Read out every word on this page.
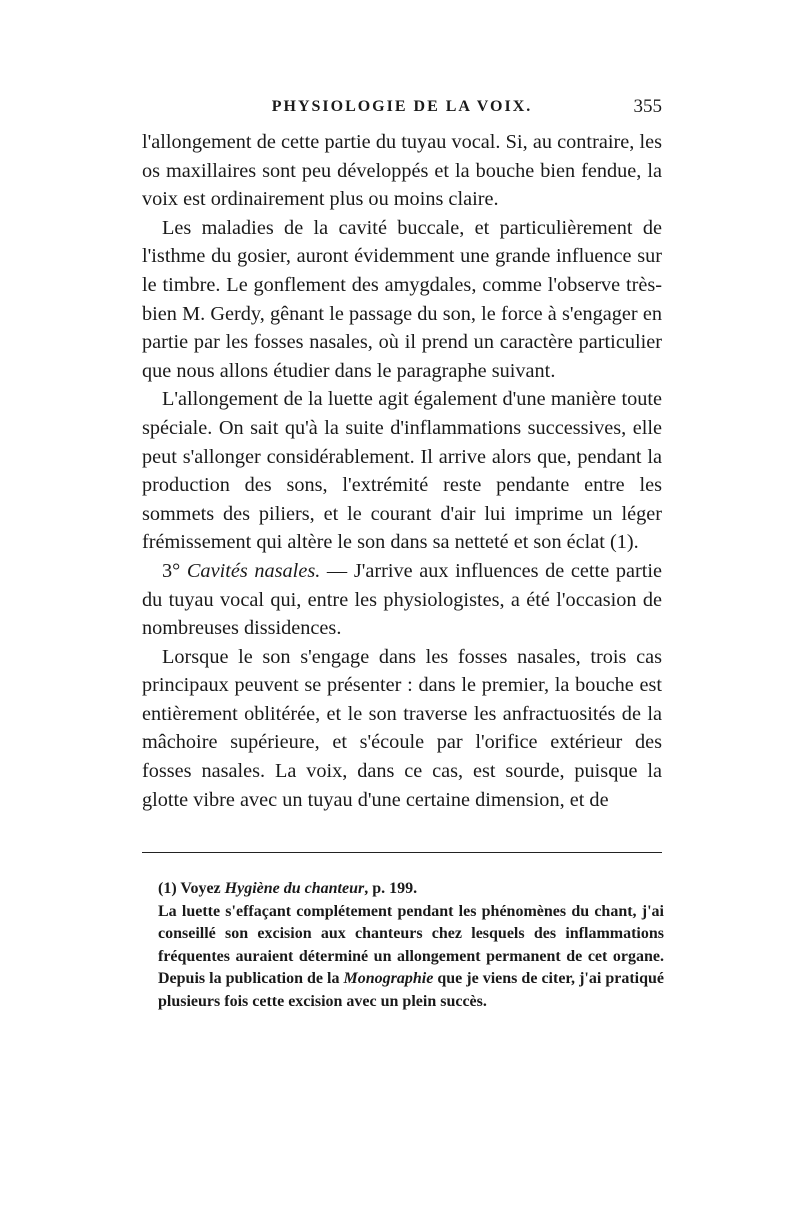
PHYSIOLOGIE DE LA VOIX.	355

l'allongement de cette partie du tuyau vocal. Si, au contraire, les os maxillaires sont peu développés et la bouche bien fendue, la voix est ordinairement plus ou moins claire.

Les maladies de la cavité buccale, et particulièrement de l'isthme du gosier, auront évidemment une grande influence sur le timbre. Le gonflement des amygdales, comme l'observe très-bien M. Gerdy, gênant le passage du son, le force à s'engager en partie par les fosses nasales, où il prend un caractère particulier que nous allons étudier dans le paragraphe suivant.

L'allongement de la luette agit également d'une manière toute spéciale. On sait qu'à la suite d'inflammations successives, elle peut s'allonger considérablement. Il arrive alors que, pendant la production des sons, l'extrémité reste pendante entre les sommets des piliers, et le courant d'air lui imprime un léger frémissement qui altère le son dans sa netteté et son éclat (1).

3° Cavités nasales. — J'arrive aux influences de cette partie du tuyau vocal qui, entre les physiologistes, a été l'occasion de nombreuses dissidences.

Lorsque le son s'engage dans les fosses nasales, trois cas principaux peuvent se présenter : dans le premier, la bouche est entièrement oblitérée, et le son traverse les anfractuosités de la mâchoire supérieure, et s'écoule par l'orifice extérieur des fosses nasales. La voix, dans ce cas, est sourde, puisque la glotte vibre avec un tuyau d'une certaine dimension, et de

(1) Voyez Hygiène du chanteur, p. 199.

La luette s'effaçant complétement pendant les phénomènes du chant, j'ai conseillé son excision aux chanteurs chez lesquels des inflammations fréquentes auraient déterminé un allongement permanent de cet organe. Depuis la publication de la Monographie que je viens de citer, j'ai pratiqué plusieurs fois cette excision avec un plein succès.
